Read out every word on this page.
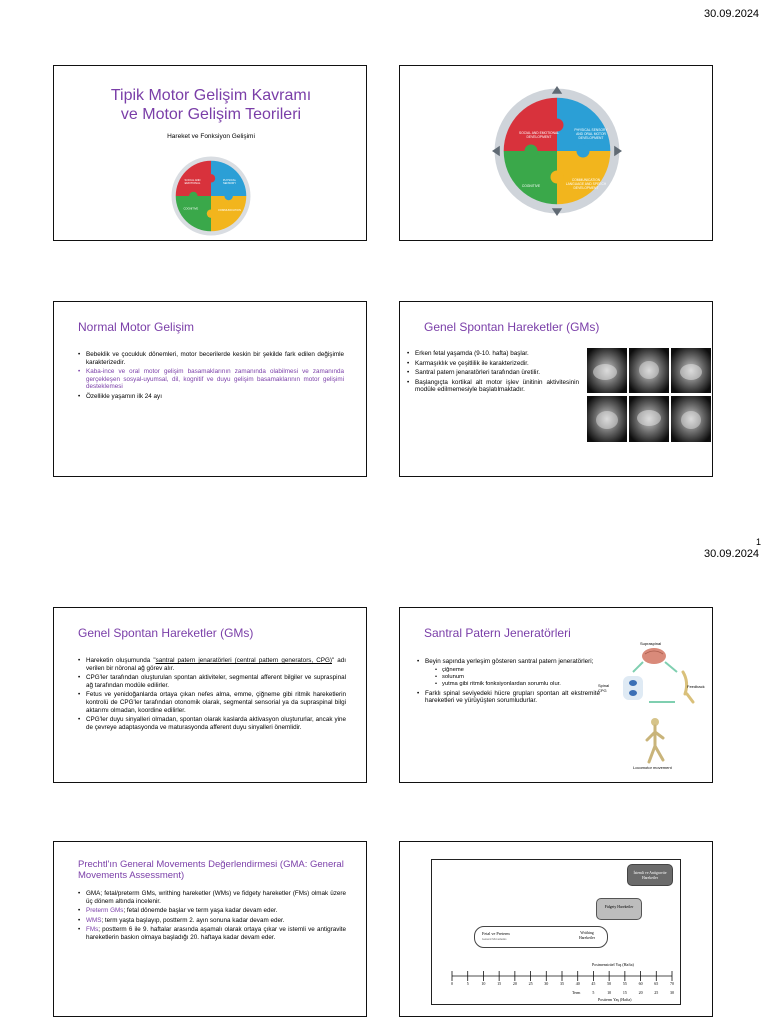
30.09.2024
1
30.09.2024
Tipik Motor Gelişim Kavramı
ve Motor Gelişim Teorileri
Hareket ve Fonksiyon Gelişimi
SOCIAL AND
EMOTIONAL
PHYSICAL
SENSORY
COGNITIVE
COMMUNICATION
SOCIAL AND EMOTIONAL DEVELOPMENT
PHYSICAL SENSORY AND ORAL MOTOR DEVELOPMENT
COGNITIVE
COMMUNICATION LANGUAGE AND SPEECH DEVELOPMENT
Normal Motor Gelişim
• Bebeklik ve çocukluk dönemleri, motor becerilerde keskin bir şekilde fark edilen değişimle karakterizedir.
• Kaba-ince ve oral motor gelişim basamaklarının zamanında olabilmesi ve zamanında gerçekleşen sosyal-uyumsal, dil, kognitif ve duyu gelişim basamaklarının motor gelişimi desteklemesi
• Özellikle yaşamın ilk 24 ayı
Genel Spontan Hareketler (GMs)
• Erken fetal yaşamda (9-10. hafta) başlar.
• Karmaşıklık ve çeşitlilik ile karakterizedir.
• Santral patern jenaratörleri tarafından üretilir.
• Başlangıçta kortikal alt motor işlev ünitinin aktivitesinin modüle edilmemesiyle başlatılmaktadır.
Genel Spontan Hareketler (GMs)
• Hareketin oluşumunda "santral patern jenaratörleri (central pattern generators, CPG)" adı verilen bir nöronal ağ görev alır.
• CPG'ler tarafından oluşturulan spontan aktiviteler, segmental afferent bilgiler ve supraspinal ağ tarafından modüle edilirler.
• Fetus ve yenidoğanlarda ortaya çıkan nefes alma, emme, çiğneme gibi ritmik hareketlerin kontrolü de CPG'ler tarafından otonomik olarak, segmental sensorial ya da supraspinal bilgi aktarımı olmadan, koordine edilirler.
• CPG'ler duyu sinyalleri olmadan, spontan olarak kaslarda aktivasyon oluştururlar, ancak yine de çevreye adaptasyonda ve maturasyonda afferent duyu sinyalleri önemlidir.
Santral Patern Jeneratörleri
• Beyin sapında yerleşim gösteren santral patern jeneratörleri;
• çiğneme
• solunum
• yutma gibi ritmik fonksiyonlardan sorumlu olur.
• Farklı spinal seviyedeki hücre grupları spontan alt ekstremite hareketleri ve yürüyüşten sorumludurlar.
Supraspinal
Spinal CPG
Feedback
Locomotor movement
Prechtl'ın General Movements Değerlendirmesi (GMA: General
Movements Assessment)
• GMA; fetal/preterm GMs, writhing hareketler (WMs) ve fidgety hareketler (FMs) olmak üzere üç dönem altında incelenir.
• Preterm GMs; fetal dönemde başlar ve term yaşa kadar devam eder.
• WMS; term yaşta başlayıp, postterm 2. ayın sonuna kadar devam eder.
• FMs; postterm 6 ile 9. haftalar arasında aşamalı olarak ortaya çıkar ve istemli ve antigravite hareketlerin baskın olmaya başladığı 20. haftaya kadar devam eder.
İstemli ve Antigravite Hareketler
Fidgety Hareketler
Fetal ve Preterm
General Movements
Writhing Hareketler
Postmenstrüel Yaş (Hafta)
0	5	10	15	20	25	30	35	40	45	50	55	60	65	70
Term	5	10	15	20	25	30
Postterm Yaş (Hafta)
